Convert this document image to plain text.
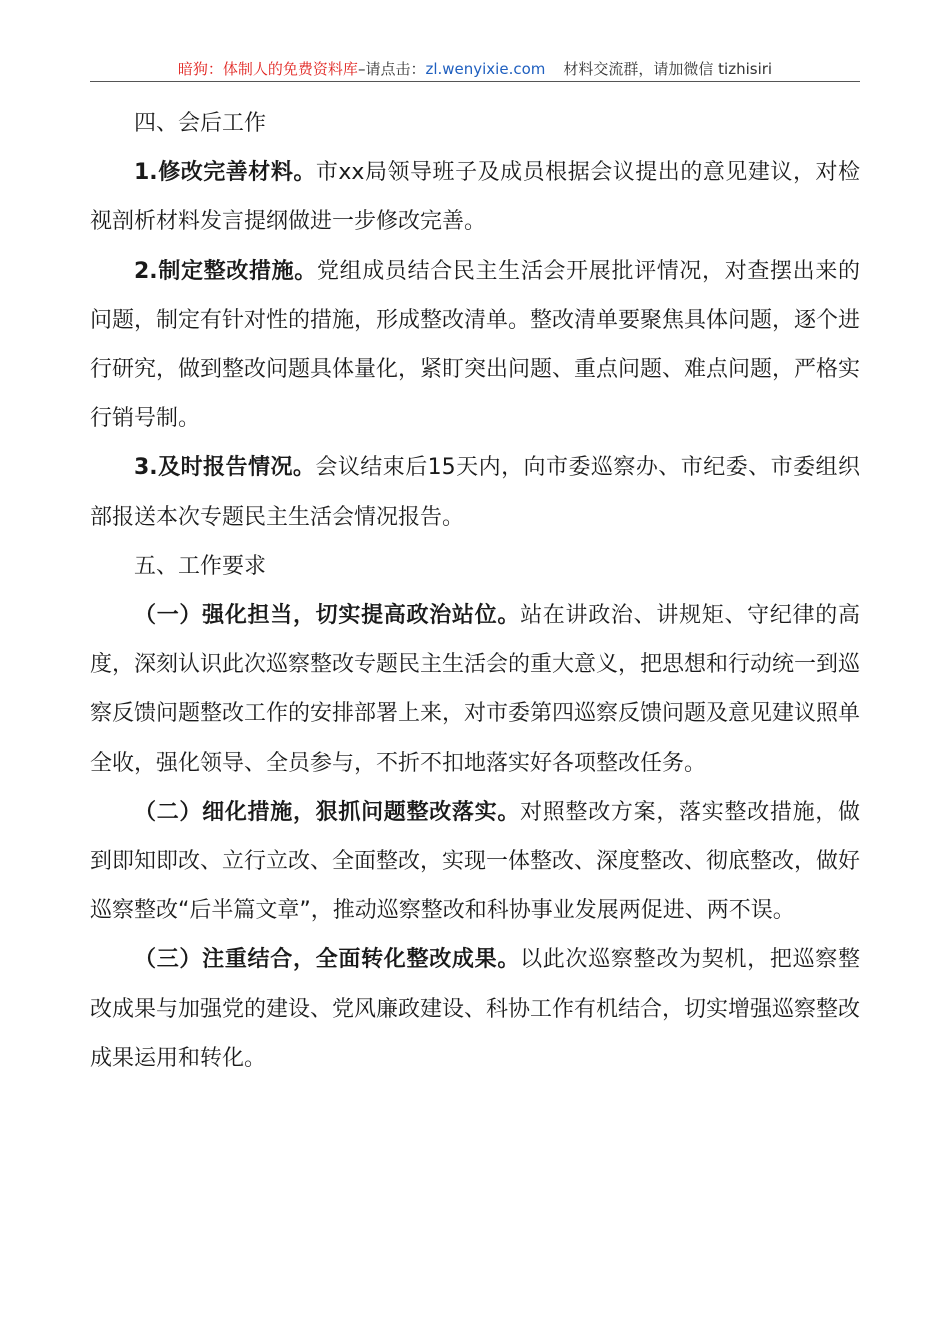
暗狗：体制人的免费资料库–请点击：zl.wenyixie.com 材料交流群，请加微信 tizhisiri

四、会后工作

1.修改完善材料。市xx局领导班子及成员根据会议提出的意见建议，对检视剖析材料发言提纲做进一步修改完善。

2.制定整改措施。党组成员结合民主生活会开展批评情况，对查摆出来的问题，制定有针对性的措施，形成整改清单。整改清单要聚焦具体问题，逐个进行研究，做到整改问题具体量化，紧盯突出问题、重点问题、难点问题，严格实行销号制。

3.及时报告情况。会议结束后15天内，向市委巡察办、市纪委、市委组织部报送本次专题民主生活会情况报告。

五、工作要求

（一）强化担当，切实提高政治站位。站在讲政治、讲规矩、守纪律的高度，深刻认识此次巡察整改专题民主生活会的重大意义，把思想和行动统一到巡察反馈问题整改工作的安排部署上来，对市委第四巡察反馈问题及意见建议照单全收，强化领导、全员参与，不折不扣地落实好各项整改任务。

（二）细化措施，狠抓问题整改落实。对照整改方案，落实整改措施，做到即知即改、立行立改、全面整改，实现一体整改、深度整改、彻底整改，做好巡察整改“后半篇文章”，推动巡察整改和科协事业发展两促进、两不误。

（三）注重结合，全面转化整改成果。以此次巡察整改为契机，把巡察整改成果与加强党的建设、党风廉政建设、科协工作有机结合，切实增强巡察整改成果运用和转化。
